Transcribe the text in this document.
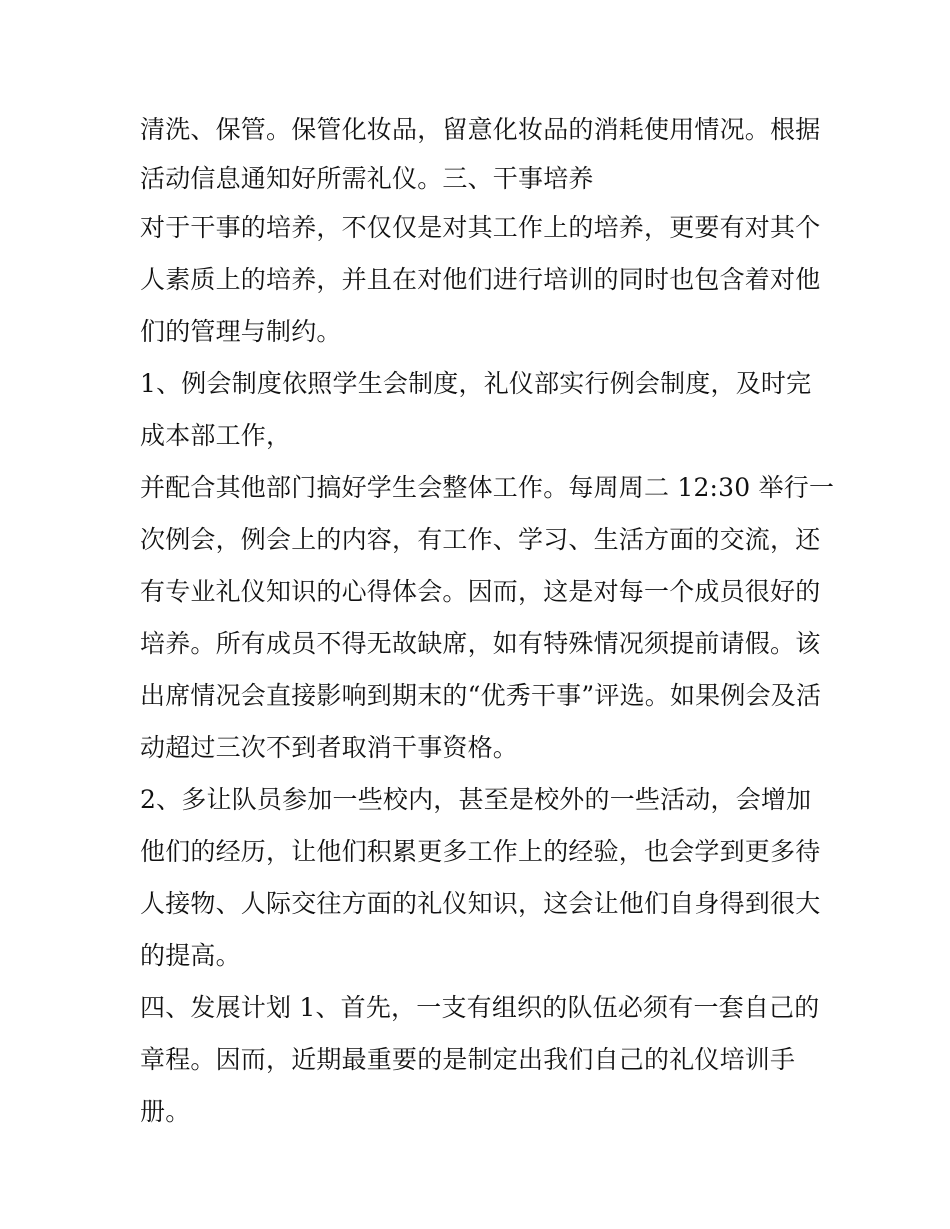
清洗、保管。保管化妆品，留意化妆品的消耗使用情况。根据
活动信息通知好所需礼仪。三、干事培养
对于干事的培养，不仅仅是对其工作上的培养，更要有对其个
人素质上的培养，并且在对他们进行培训的同时也包含着对他
们的管理与制约。
1、例会制度依照学生会制度，礼仪部实行例会制度，及时完
成本部工作，
并配合其他部门搞好学生会整体工作。每周周二 12:30 举行一
次例会，例会上的内容，有工作、学习、生活方面的交流，还
有专业礼仪知识的心得体会。因而，这是对每一个成员很好的
培养。所有成员不得无故缺席，如有特殊情况须提前请假。该
出席情况会直接影响到期末的“优秀干事”评选。如果例会及活
动超过三次不到者取消干事资格。
2、多让队员参加一些校内，甚至是校外的一些活动，会增加
他们的经历，让他们积累更多工作上的经验，也会学到更多待
人接物、人际交往方面的礼仪知识，这会让他们自身得到很大
的提高。
四、发展计划 1、首先，一支有组织的队伍必须有一套自己的
章程。因而，近期最重要的是制定出我们自己的礼仪培训手
册。
